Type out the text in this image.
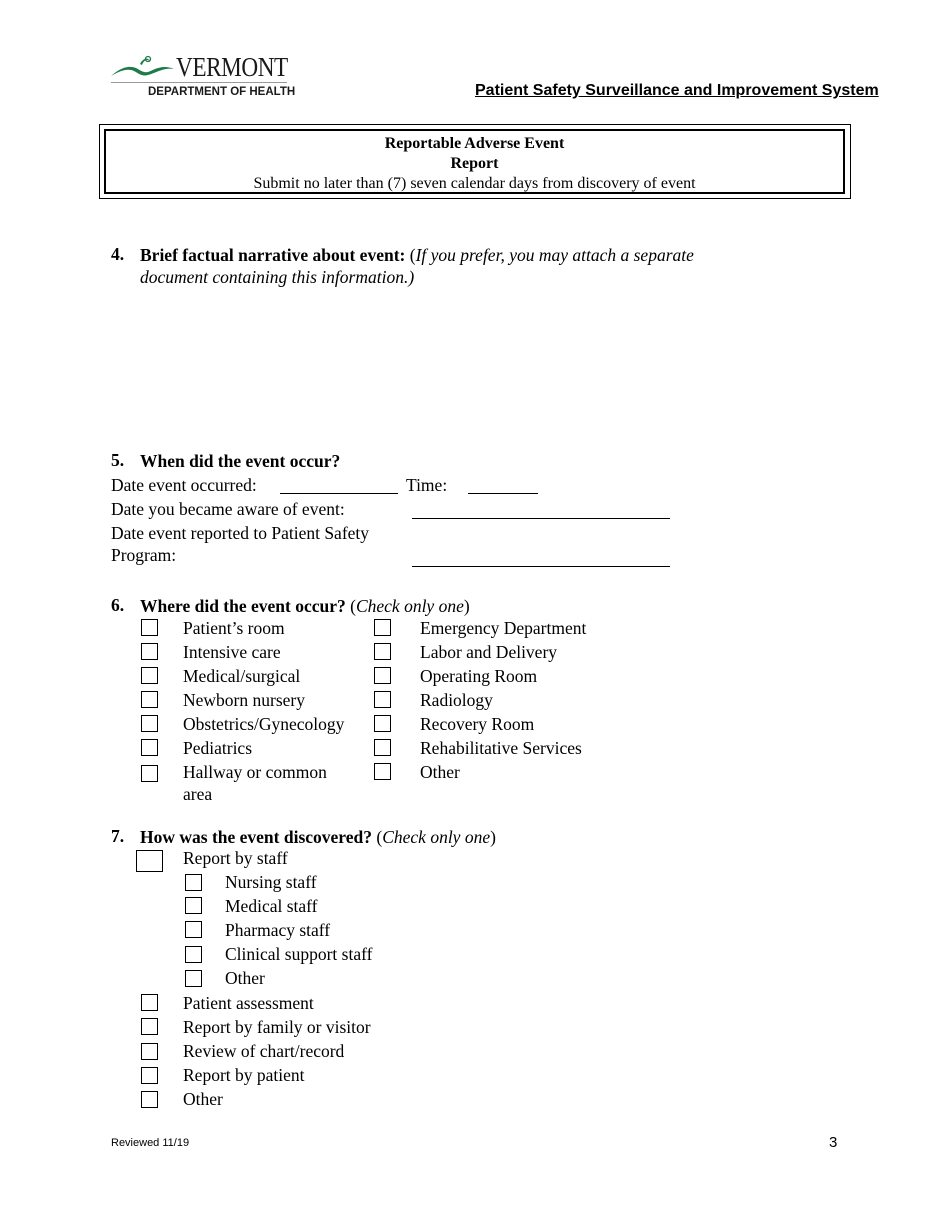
VERMONT
DEPARTMENT OF HEALTH	Patient Safety Surveillance and Improvement System
Reportable Adverse Event
Report
Submit no later than (7) seven calendar days from discovery of event
4. Brief factual narrative about event: (If you prefer, you may attach a separate
document containing this information.)
5. When did the event occur?
Date event occurred:	Time:
Date you became aware of event:
Date event reported to Patient Safety
Program:
6. Where did the event occur? (Check only one)
Patient’s room
Intensive care
Medical/surgical
Newborn nursery
Obstetrics/Gynecology
Pediatrics
Hallway or common
area
Emergency Department
Labor and Delivery
Operating Room
Radiology
Recovery Room
Rehabilitative Services
Other
7. How was the event discovered? (Check only one)
Report by staff
Nursing staff
Medical staff
Pharmacy staff
Clinical support staff
Other
Patient assessment
Report by family or visitor
Review of chart/record
Report by patient
Other
Reviewed 11/19	3
